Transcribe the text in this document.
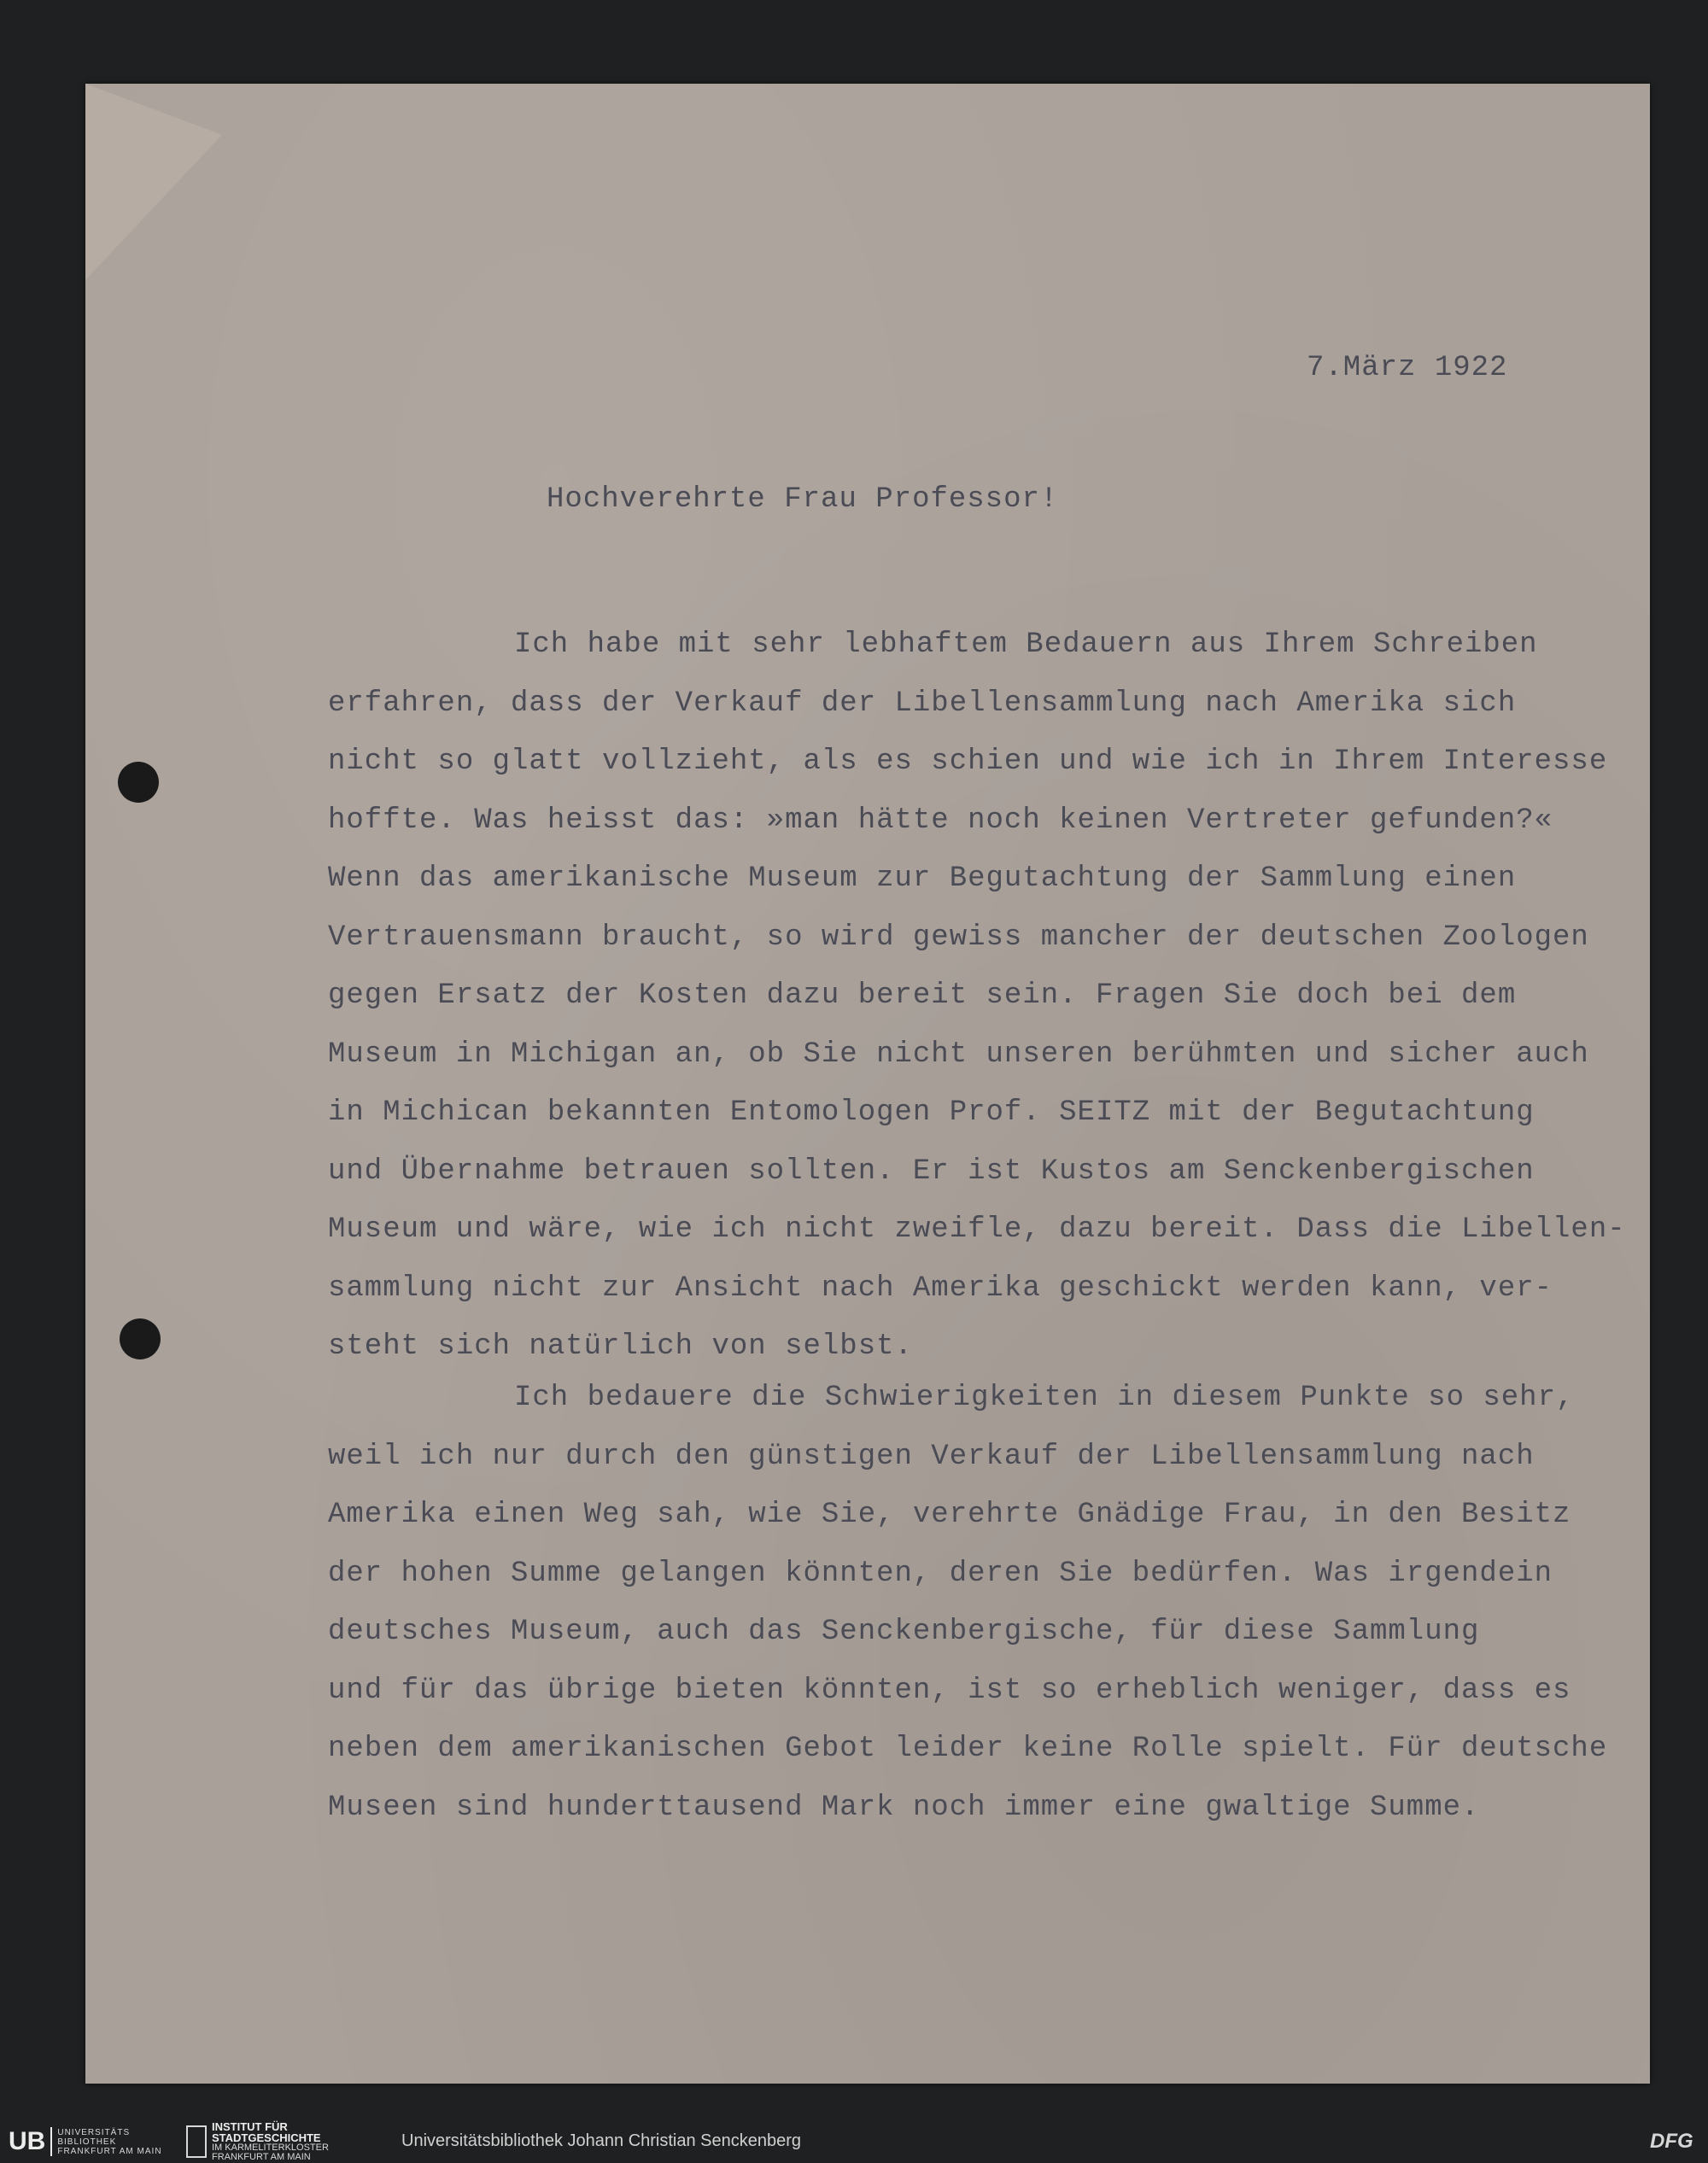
7.März 1922
Hochverehrte Frau Professor!
Ich habe mit sehr lebhaftem Bedauern aus Ihrem Schreiben
erfahren, dass der Verkauf der Libellensammlung nach Amerika sich
nicht so glatt vollzieht, als es schien und wie ich in Ihrem Interesse
hoffte. Was heisst das: »man hätte noch keinen Vertreter gefunden?«
Wenn das amerikanische Museum zur Begutachtung der Sammlung einen
Vertrauensmann braucht, so wird gewiss mancher der deutschen Zoologen
gegen Ersatz der Kosten dazu bereit sein. Fragen Sie doch bei dem
Museum in Michigan an, ob Sie nicht unseren berühmten und sicher auch
in Michican bekannten Entomologen Prof. SEITZ mit der Begutachtung
und Übernahme betrauen sollten. Er ist Kustos am Senckenbergischen
Museum und wäre, wie ich nicht zweifle, dazu bereit. Dass die Libellen-
sammlung nicht zur Ansicht nach Amerika geschickt werden kann, ver-
steht sich natürlich von selbst.
Ich bedauere die Schwierigkeiten in diesem Punkte so sehr,
weil ich nur durch den günstigen Verkauf der Libellensammlung nach
Amerika einen Weg sah, wie Sie, verehrte Gnädige Frau, in den Besitz
der hohen Summe gelangen könnten, deren Sie bedürfen. Was irgendein
deutsches Museum, auch das Senckenbergische, für diese Sammlung
und für das übrige bieten könnten, ist so erheblich weniger, dass es
neben dem amerikanischen Gebot leider keine Rolle spielt. Für deutsche
Museen sind hunderttausend Mark noch immer eine gwaltige Summe.
UB	UNIVERSITÄTS
BIBLIOTHEK
FRANKFURT AM MAIN
INSTITUT FÜR
STADTGESCHICHTE
IM KARMELITERKLOSTER
FRANKFURT AM MAIN
Universitätsbibliothek Johann Christian Senckenberg	DFG
